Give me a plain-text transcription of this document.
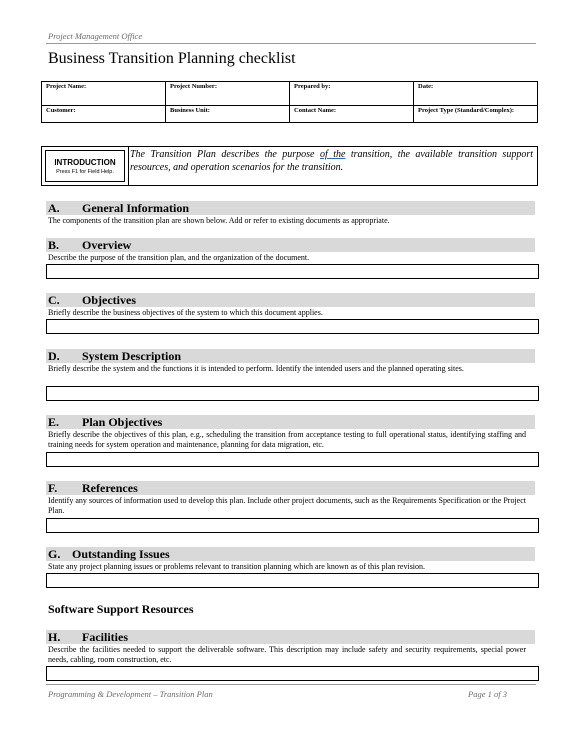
Project Management Office
Business Transition Planning checklist
Project Name:	Project Number:	Prepared by:	Date:
Customer:	Business Unit:	Contact Name:	Project Type (Standard/Complex):
INTRODUCTION
Press F1 for Field Help.
The Transition Plan describes the purpose of the transition, the available transition support resources, and operation scenarios for the transition.
A. General Information
The components of the transition plan are shown below. Add or refer to existing documents as appropriate.
B. Overview
Describe the purpose of the transition plan, and the organization of the document.
C. Objectives
Briefly describe the business objectives of the system to which this document applies.
D. System Description
Briefly describe the system and the functions it is intended to perform. Identify the intended users and the planned operating sites.
E. Plan Objectives
Briefly describe the objectives of this plan, e.g., scheduling the transition from acceptance testing to full operational status, identifying staffing and training needs for system operation and maintenance, planning for data migration, etc.
F. References
Identify any sources of information used to develop this plan. Include other project documents, such as the Requirements Specification or the Project Plan.
G. Outstanding Issues
State any project planning issues or problems relevant to transition planning which are known as of this plan revision.
Software Support Resources
H. Facilities
Describe the facilities needed to support the deliverable software. This description may include safety and security requirements, special power needs, cabling, room construction, etc.
Programming & Development – Transition Plan	Page 1 of 3
